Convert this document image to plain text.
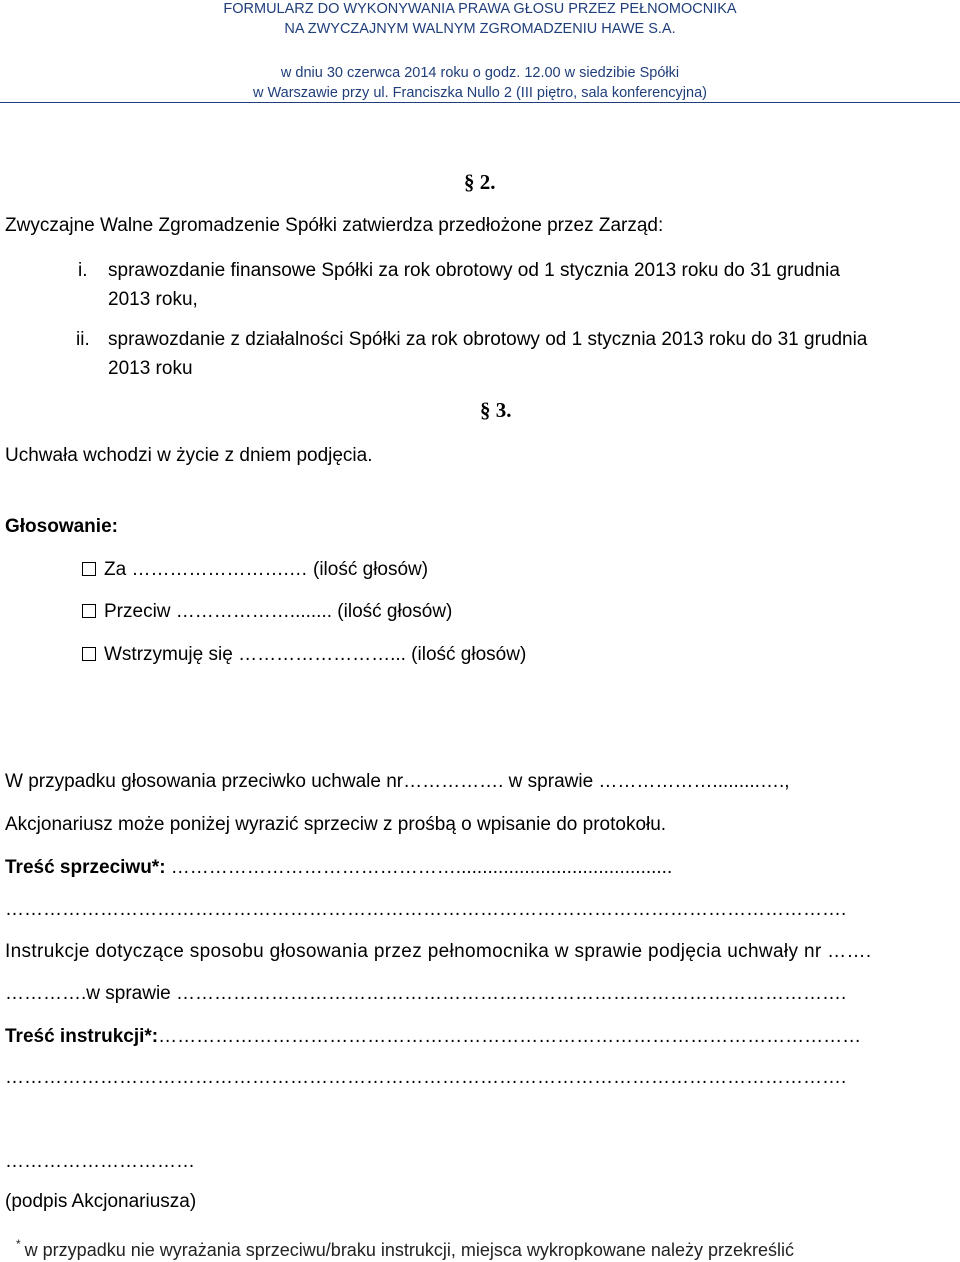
FORMULARZ DO WYKONYWANIA PRAWA GŁOSU PRZEZ PEŁNOMOCNIKA
NA ZWYCZAJNYM WALNYM ZGROMADZENIU HAWE S.A.
w dniu 30 czerwca 2014 roku o godz. 12.00 w siedzibie Spółki
w Warszawie przy ul. Franciszka Nullo 2 (III piętro, sala konferencyjna)
§ 2.
Zwyczajne Walne Zgromadzenie Spółki zatwierdza przedłożone przez Zarząd:
i. sprawozdanie finansowe Spółki za rok obrotowy od 1 stycznia 2013 roku do 31 grudnia
2013 roku,
ii. sprawozdanie z działalności Spółki za rok obrotowy od 1 stycznia 2013 roku do 31 grudnia
2013 roku
§ 3.
Uchwała wchodzi w życie z dniem podjęcia.
Głosowanie:
Za …………………….… (ilość głosów)
Przeciw ………………........ (ilość głosów)
Wstrzymuję się ……………………... (ilość głosów)
W przypadku głosowania przeciwko uchwale nr……………. w sprawie ……………….........….,
Akcjonariusz może poniżej wyrazić sprzeciw z prośbą o wpisanie do protokołu.
Treść sprzeciwu*: ……………………………………….........................................
…………………………………………………………………………………………………………………….
Instrukcje dotyczące sposobu głosowania przez pełnomocnika w sprawie podjęcia uchwały nr …….
………….w sprawie …………………………………………………………………………………………….
Treść instrukcji*:…………………………………………………………………………………………………
…………………………………………………………………………………………………………………….
…………………………
(podpis Akcjonariusza)
* w przypadku nie wyrażania sprzeciwu/braku instrukcji, miejsca wykropkowane należy przekreślić
